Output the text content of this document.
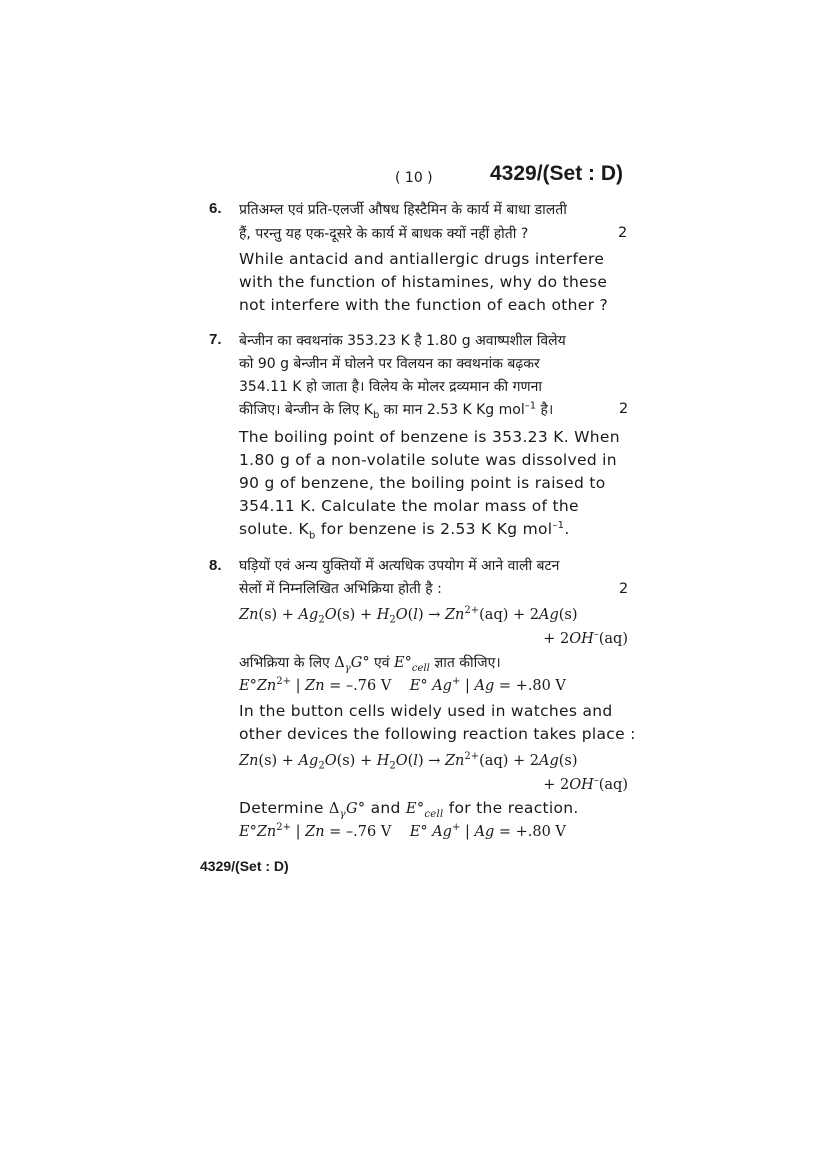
( 10 )	4329/(Set : D)
6. प्रतिअम्ल एवं प्रति-एलर्जी औषध हिस्टैमिन के कार्य में बाधा डालती
हैं, परन्तु यह एक-दूसरे के कार्य में बाधक क्यों नहीं होती ?	2
While antacid and antiallergic drugs interfere
with the function of histamines, why do these
not interfere with the function of each other ?
7. बेन्जीन का क्वथनांक 353.23 K है 1.80 g अवाष्पशील विलेय
को 90 g बेन्जीन में घोलने पर विलयन का क्वथनांक बढ़कर
354.11 K हो जाता है। विलेय के मोलर द्रव्यमान की गणना
कीजिए। बेन्जीन के लिए $K_b$ का मान 2.53 K Kg mol$^{-1}$ है।	2
The boiling point of benzene is 353.23 K. When
1.80 g of a non-volatile solute was dissolved in
90 g of benzene, the boiling point is raised to
354.11 K. Calculate the molar mass of the
solute. $K_b$ for benzene is 2.53 K Kg mol$^{-1}$.
8. घड़ियों एवं अन्य युक्तियों में अत्यधिक उपयोग में आने वाली बटन
सेलों में निम्नलिखित अभिक्रिया होती है :	2
$Zn(s) + Ag_2O(s) + H_2O(l) \to Zn^{2+}(aq) + 2Ag(s)$
+ 2OH–(aq)
अभिक्रिया के लिए $\Delta_\gamma G^\circ$ एवं $E^\circ_{cell}$ ज्ञात कीजिए।
$E^\circ Zn^{2+}$ | Zn = –.76 V    E° Ag+ | Ag = +.80 V
In the button cells widely used in watches and
other devices the following reaction takes place :
$Zn(s) + Ag_2O(s) + H_2O(l) \to Zn^{2+}(aq) + 2Ag(s)$
+ 2OH–(aq)
Determine $\Delta_\gamma G^\circ$ and $E^\circ_{cell}$ for the reaction.
$E^\circ Zn^{2+}$ | Zn = –.76 V    E° Ag+ | Ag = +.80 V
4329/(Set : D)
